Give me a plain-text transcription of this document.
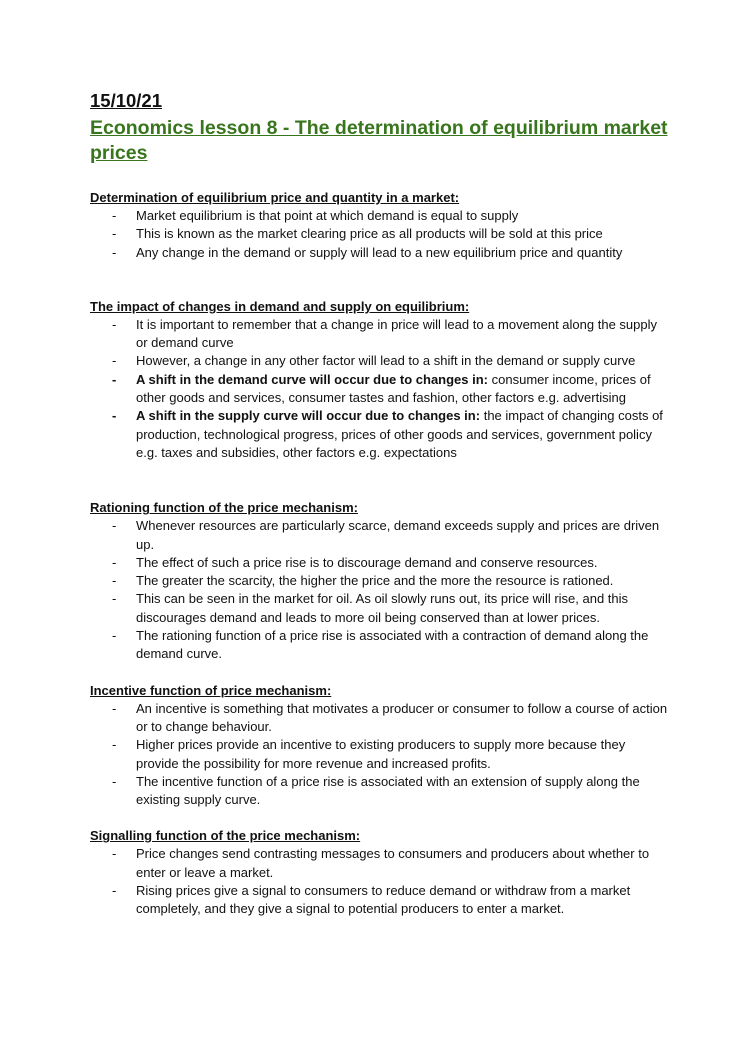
15/10/21

Economics lesson 8 - The determination of equilibrium market prices

Determination of equilibrium price and quantity in a market:

- Market equilibrium is that point at which demand is equal to supply
- This is known as the market clearing price as all products will be sold at this price
- Any change in the demand or supply will lead to a new equilibrium price and quantity

The impact of changes in demand and supply on equilibrium:

- It is important to remember that a change in price will lead to a movement along the supply or demand curve
- However, a change in any other factor will lead to a shift in the demand or supply curve
- A shift in the demand curve will occur due to changes in: consumer income, prices of other goods and services, consumer tastes and fashion, other factors e.g. advertising
- A shift in the supply curve will occur due to changes in: the impact of changing costs of production, technological progress, prices of other goods and services, government policy e.g. taxes and subsidies, other factors e.g. expectations

Rationing function of the price mechanism:

- Whenever resources are particularly scarce, demand exceeds supply and prices are driven up.
- The effect of such a price rise is to discourage demand and conserve resources.
- The greater the scarcity, the higher the price and the more the resource is rationed.
- This can be seen in the market for oil. As oil slowly runs out, its price will rise, and this discourages demand and leads to more oil being conserved than at lower prices.
- The rationing function of a price rise is associated with a contraction of demand along the demand curve.

Incentive function of price mechanism:

- An incentive is something that motivates a producer or consumer to follow a course of action or to change behaviour.
- Higher prices provide an incentive to existing producers to supply more because they provide the possibility for more revenue and increased profits.
- The incentive function of a price rise is associated with an extension of supply along the existing supply curve.

Signalling function of the price mechanism:

- Price changes send contrasting messages to consumers and producers about whether to enter or leave a market.
- Rising prices give a signal to consumers to reduce demand or withdraw from a market completely, and they give a signal to potential producers to enter a market.
